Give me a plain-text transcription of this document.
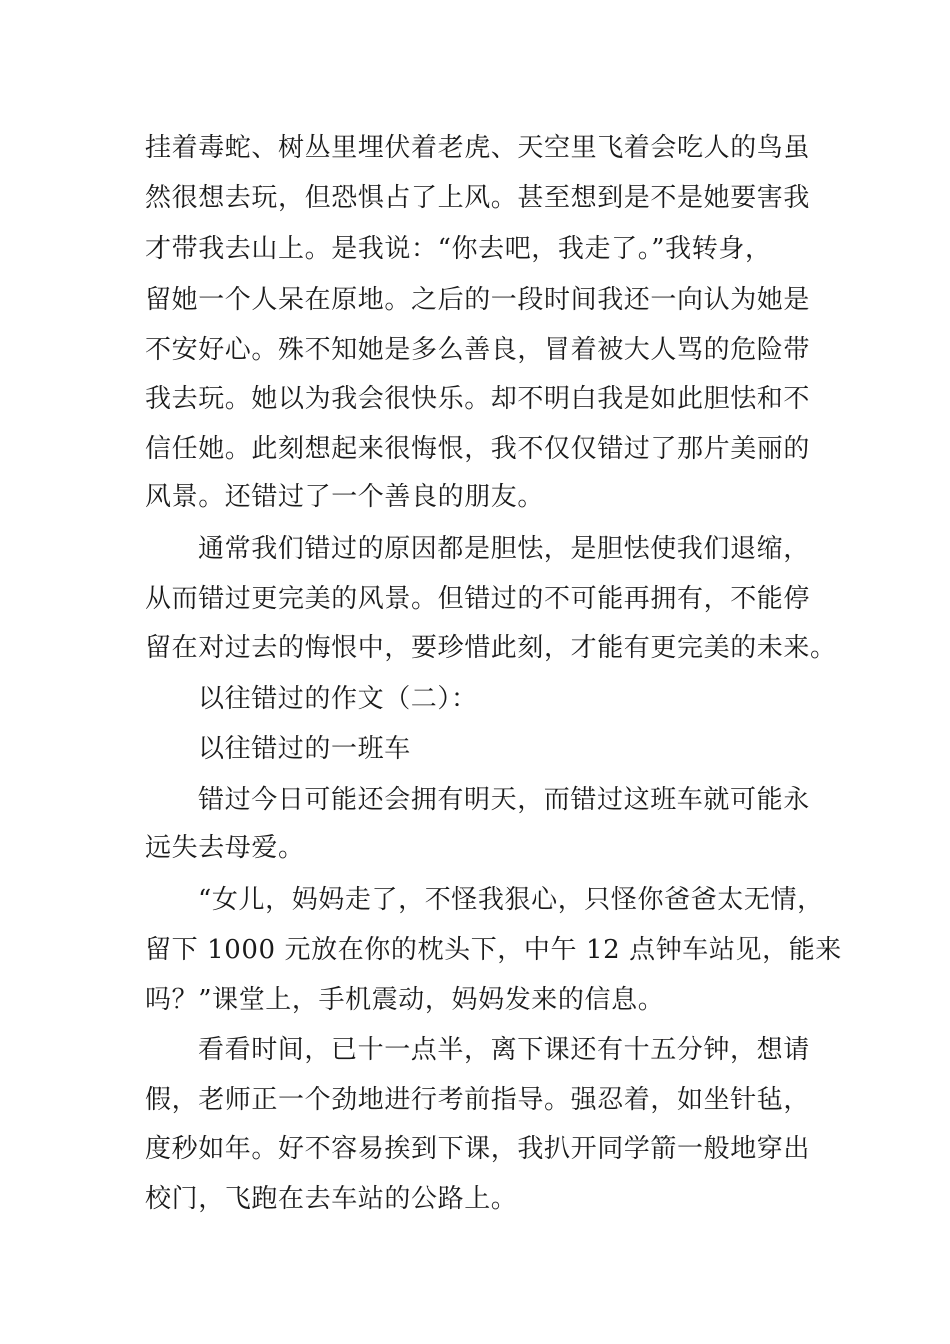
挂着毒蛇、树丛里埋伏着老虎、天空里飞着会吃人的鸟虽
然很想去玩，但恐惧占了上风。甚至想到是不是她要害我
才带我去山上。是我说：“你去吧，我走了。”我转身，
留她一个人呆在原地。之后的一段时间我还一向认为她是
不安好心。殊不知她是多么善良，冒着被大人骂的危险带
我去玩。她以为我会很快乐。却不明白我是如此胆怯和不
信任她。此刻想起来很悔恨，我不仅仅错过了那片美丽的
风景。还错过了一个善良的朋友。
通常我们错过的原因都是胆怯，是胆怯使我们退缩，
从而错过更完美的风景。但错过的不可能再拥有，不能停
留在对过去的悔恨中，要珍惜此刻，才能有更完美的未来。
以往错过的作文（二）：
以往错过的一班车
错过今日可能还会拥有明天，而错过这班车就可能永
远失去母爱。
“女儿，妈妈走了，不怪我狠心，只怪你爸爸太无情，
留下 1000 元放在你的枕头下，中午 12 点钟车站见，能来
吗？”课堂上，手机震动，妈妈发来的信息。
看看时间，已十一点半，离下课还有十五分钟，想请
假，老师正一个劲地进行考前指导。强忍着，如坐针毡，
度秒如年。好不容易挨到下课，我扒开同学箭一般地穿出
校门，飞跑在去车站的公路上。
